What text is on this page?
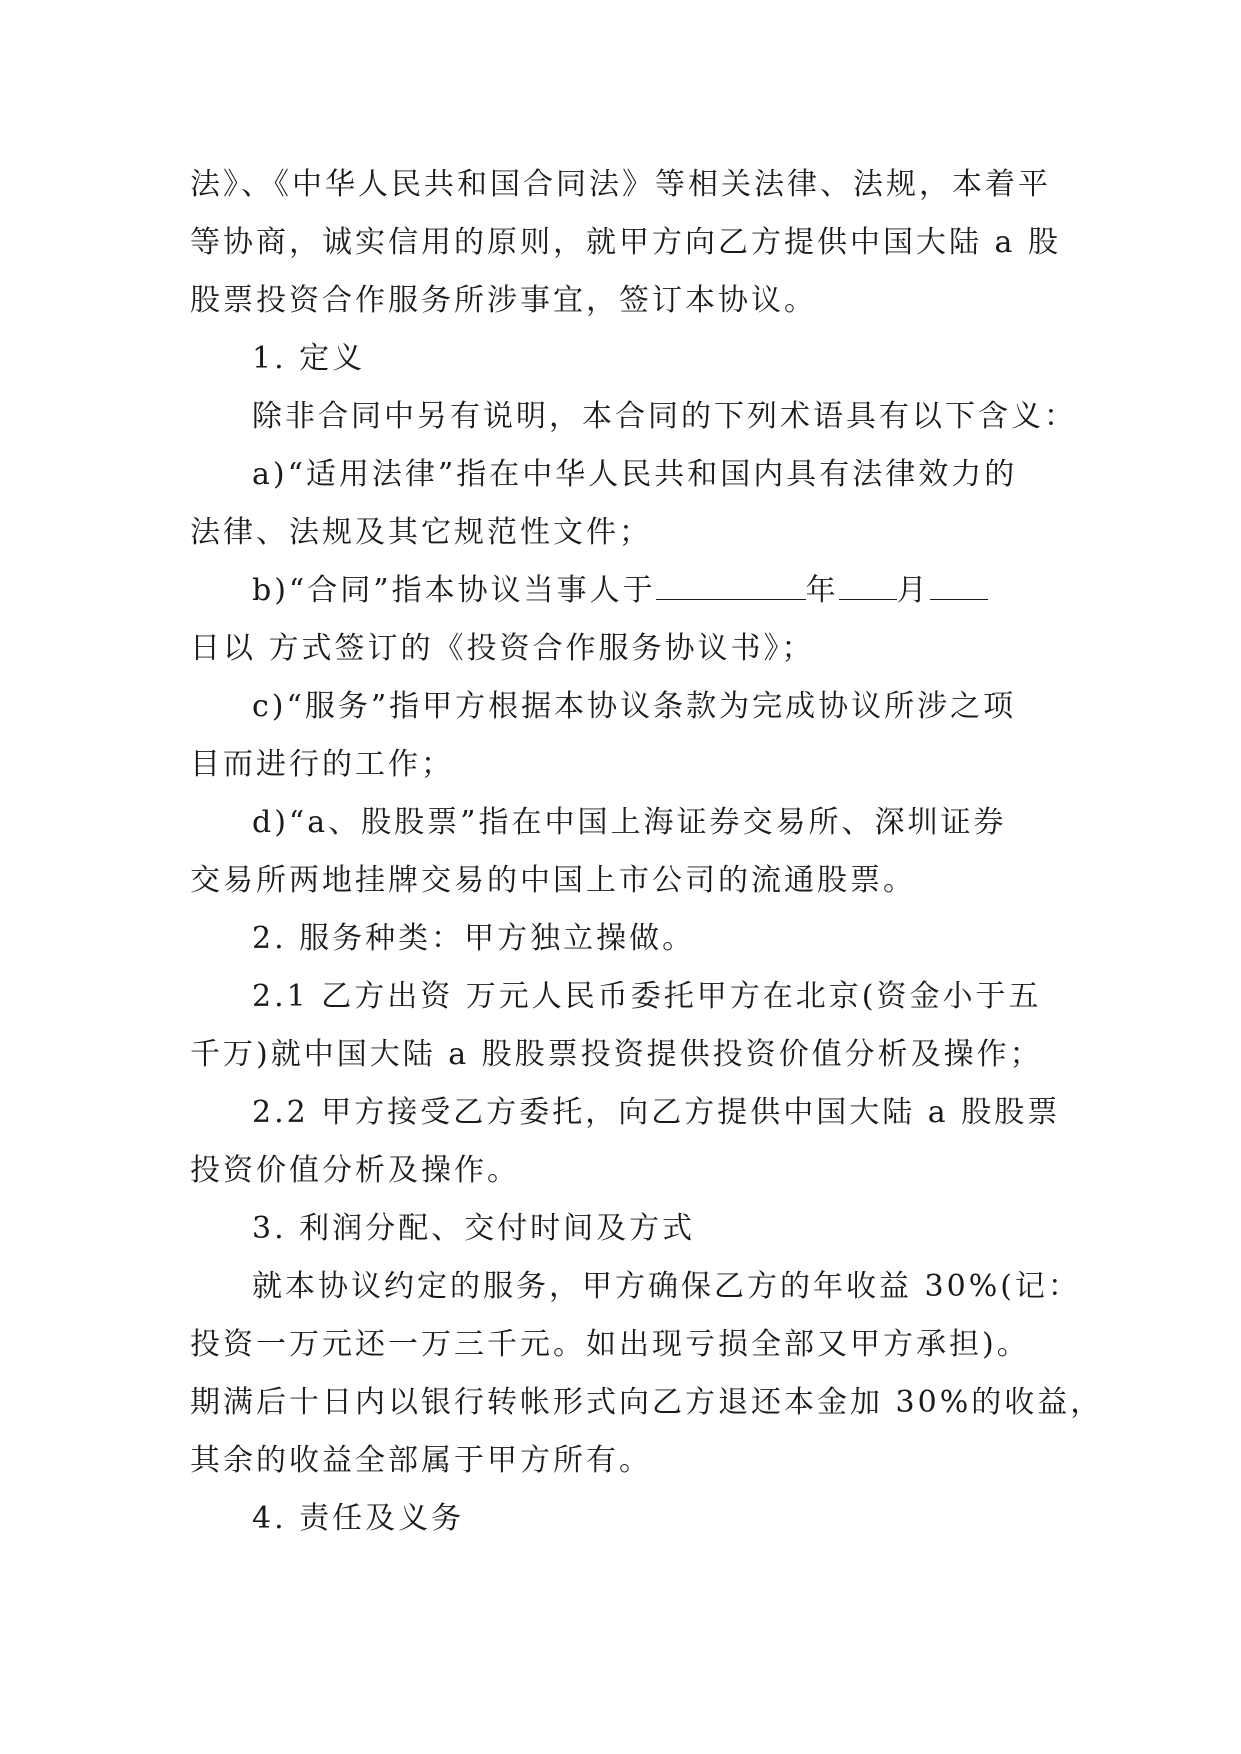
法》、《中华人民共和国合同法》等相关法律、法规，本着平
等协商，诚实信用的原则，就甲方向乙方提供中国大陆 a 股
股票投资合作服务所涉事宜，签订本协议。
1. 定义
除非合同中另有说明，本合同的下列术语具有以下含义：
a)“适用法律”指在中华人民共和国内具有法律效力的
法律、法规及其它规范性文件；
b)“合同”指本协议当事人于	年 月
日以 方式签订的《投资合作服务协议书》；
c)“服务”指甲方根据本协议条款为完成协议所涉之项
目而进行的工作；
d)“a、股股票”指在中国上海证券交易所、深圳证券
交易所两地挂牌交易的中国上市公司的流通股票。
2. 服务种类：甲方独立操做。
2.1 乙方出资 万元人民币委托甲方在北京(资金小于五
千万)就中国大陆 a 股股票投资提供投资价值分析及操作；
2.2 甲方接受乙方委托，向乙方提供中国大陆 a 股股票
投资价值分析及操作。
3. 利润分配、交付时间及方式
就本协议约定的服务，甲方确保乙方的年收益 30%(记：
投资一万元还一万三千元。如出现亏损全部又甲方承担)。
期满后十日内以银行转帐形式向乙方退还本金加 30%的收益，
其余的收益全部属于甲方所有。
4. 责任及义务
